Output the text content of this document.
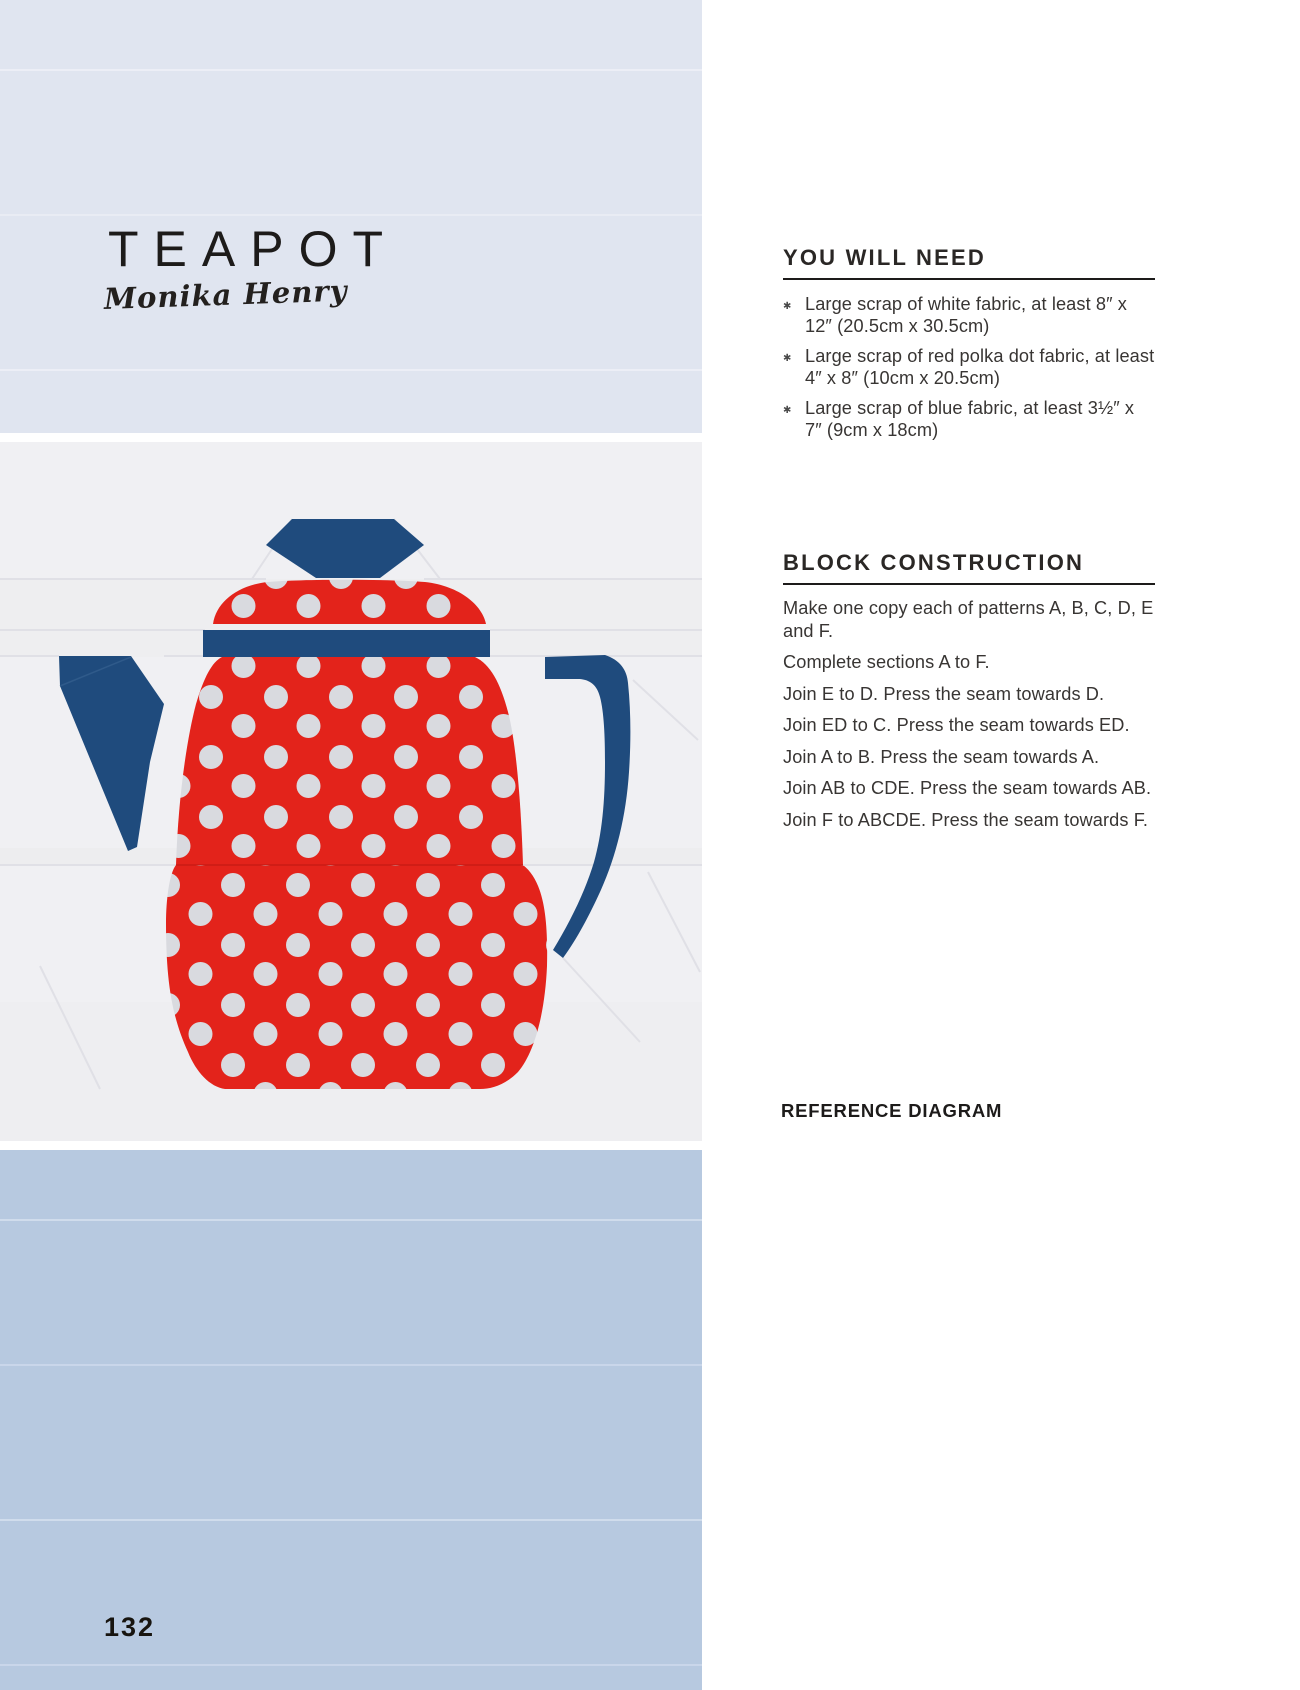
TEAPOT
Monika Henry
132
YOU WILL NEED
✱ Large scrap of white fabric, at least 8″ x 12″ (20.5cm x 30.5cm)
✱ Large scrap of red polka dot fabric, at least 4″ x 8″ (10cm x 20.5cm)
✱ Large scrap of blue fabric, at least 3½″ x 7″ (9cm x 18cm)
BLOCK CONSTRUCTION

Make one copy each of patterns A, B, C, D, E and F.

Complete sections A to F.

Join E to D. Press the seam towards D.

Join ED to C. Press the seam towards ED.

Join A to B. Press the seam towards A.

Join AB to CDE. Press the seam towards AB.

Join F to ABCDE. Press the seam towards F.

REFERENCE DIAGRAM
